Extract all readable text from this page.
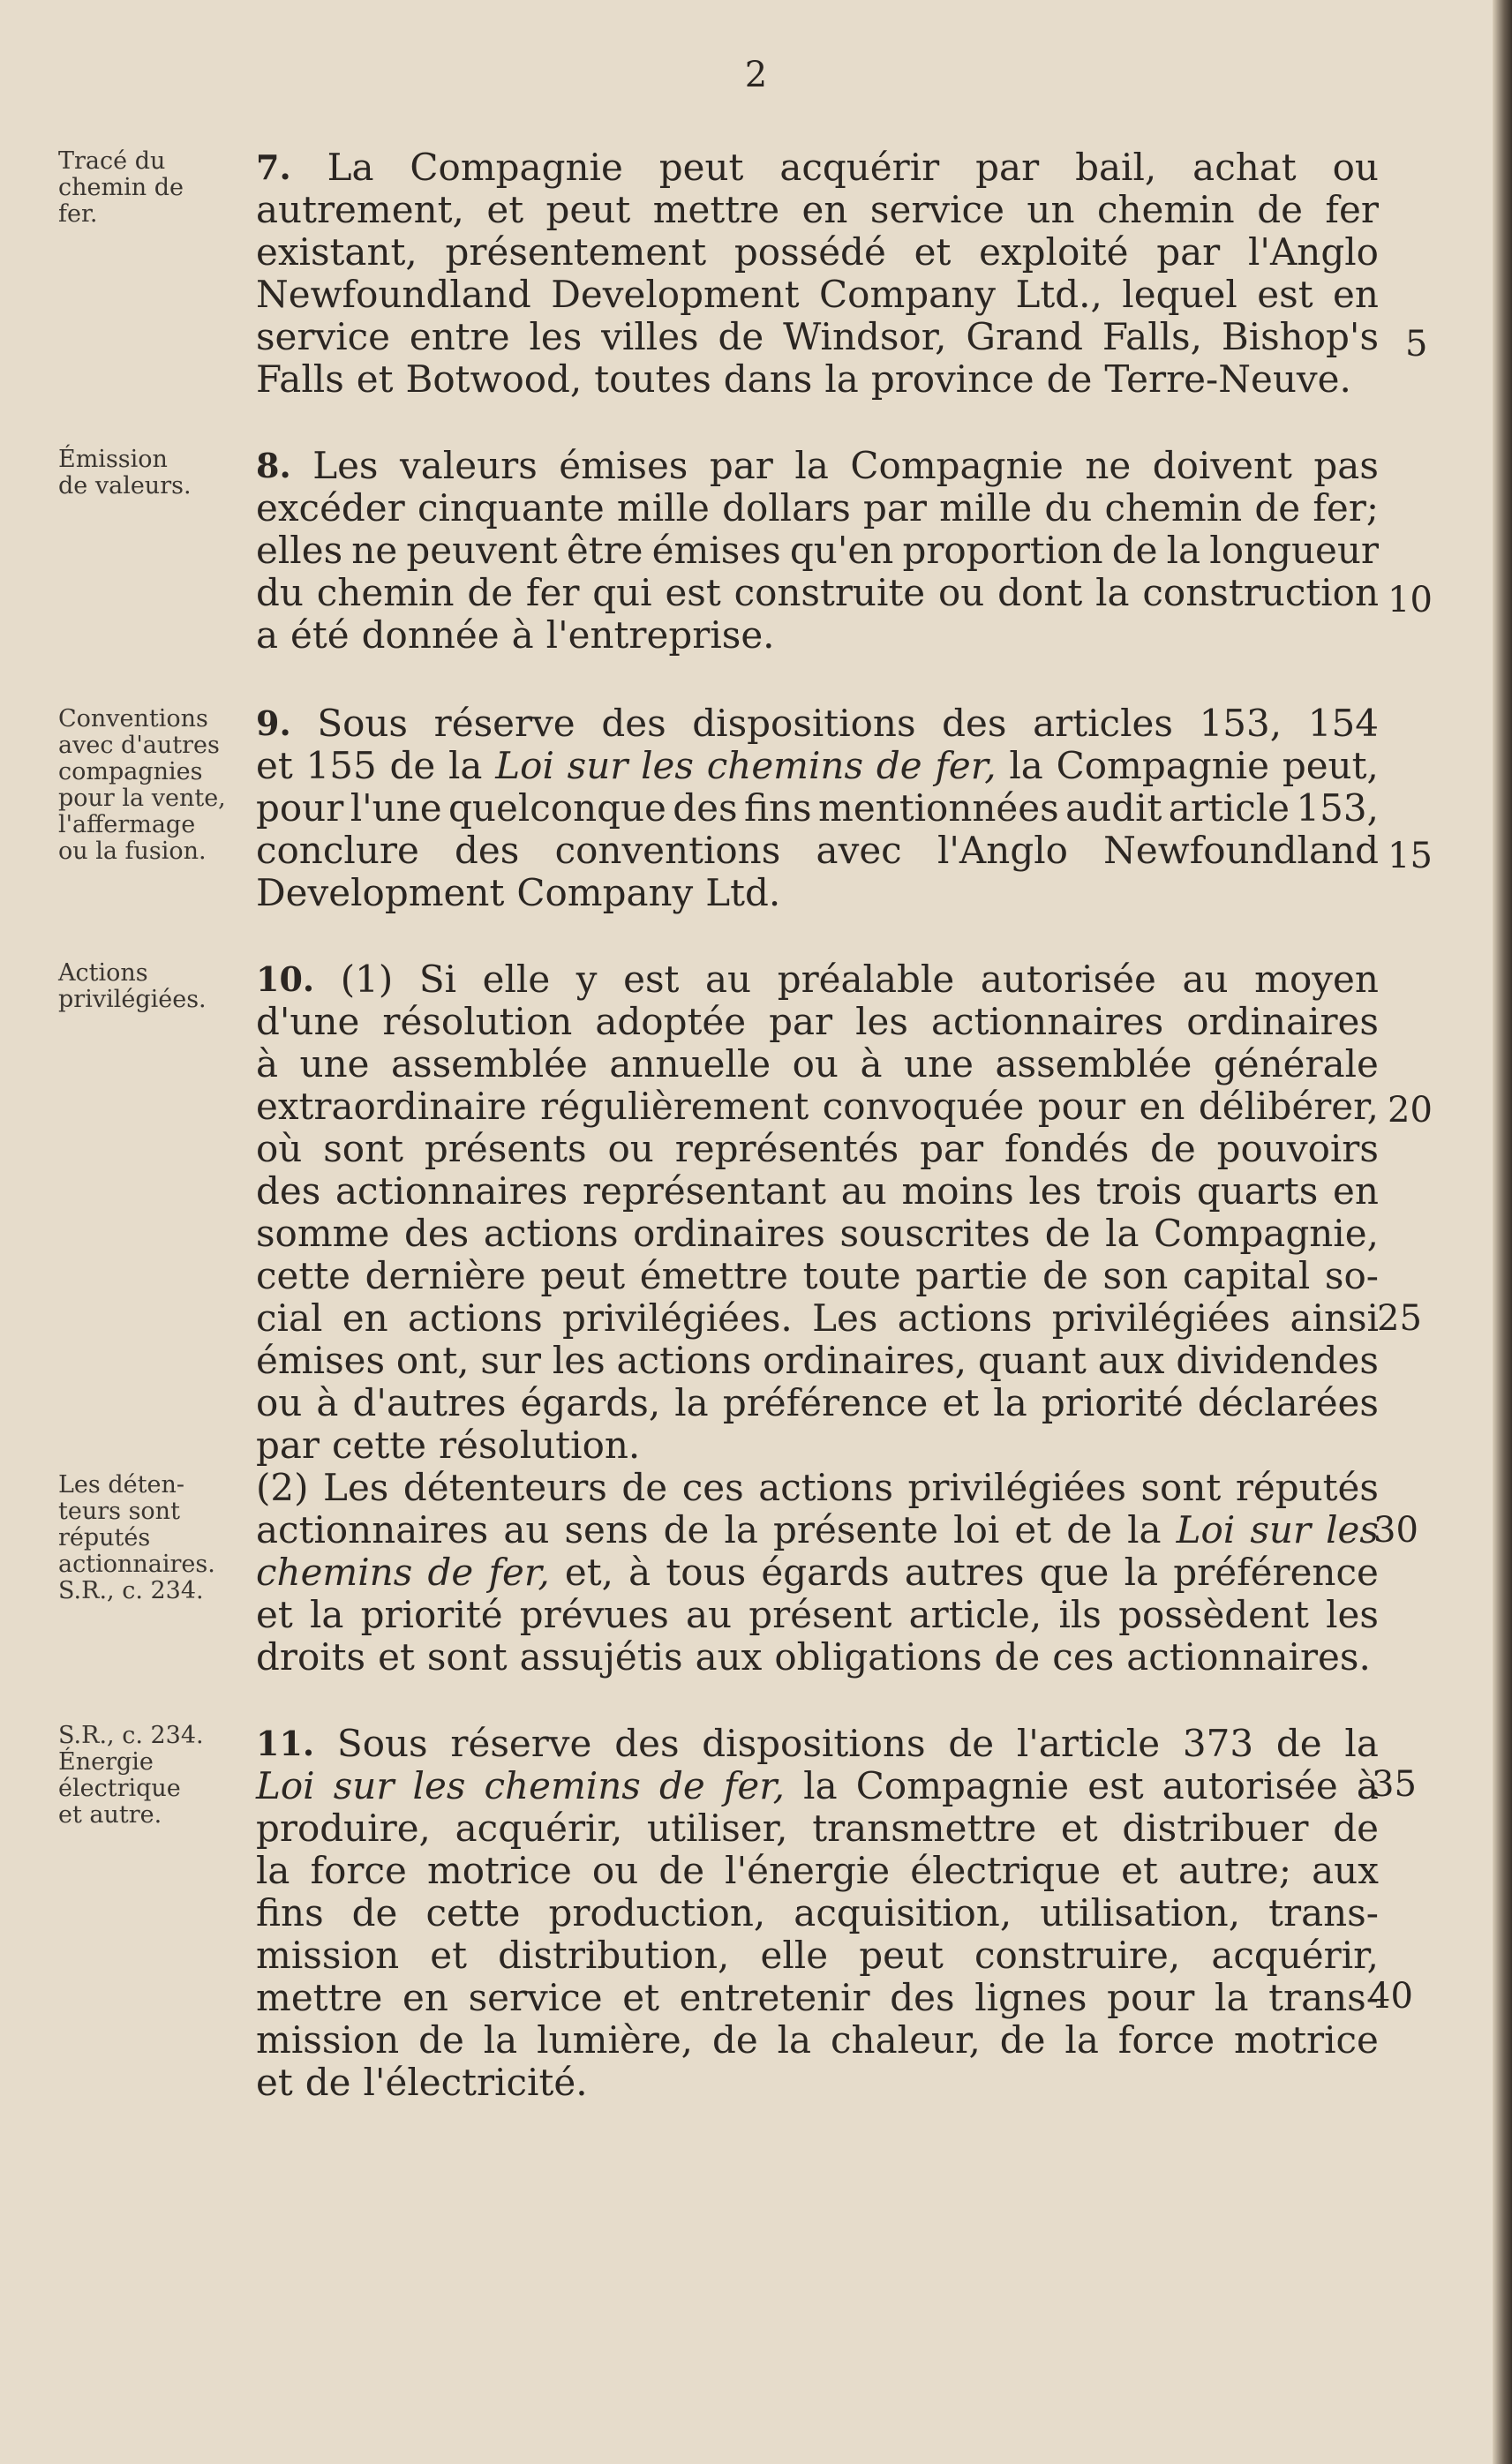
2
Tracé du
chemin de
fer.
Émission
de valeurs.
Conventions
avec d'autres
compagnies
pour la vente,
l'affermage
ou la fusion.
Actions
privilégiées.
Les déten-
teurs sont
réputés
actionnaires.
S.R., c. 234.
S.R., c. 234.
Énergie
électrique
et autre.
7. La Compagnie peut acquérir par bail, achat ou
autrement, et peut mettre en service un chemin de fer
existant, présentement possédé et exploité par l'Anglo
Newfoundland Development Company Ltd., lequel est en
service entre les villes de Windsor, Grand Falls, Bishop's
Falls et Botwood, toutes dans la province de Terre-Neuve.
8. Les valeurs émises par la Compagnie ne doivent pas
excéder cinquante mille dollars par mille du chemin de fer;
elles ne peuvent être émises qu'en proportion de la longueur
du chemin de fer qui est construite ou dont la construction
a été donnée à l'entreprise.
9. Sous réserve des dispositions des articles 153, 154
et 155 de la Loi sur les chemins de fer, la Compagnie peut,
pour l'une quelconque des fins mentionnées audit article 153,
conclure des conventions avec l'Anglo Newfoundland
Development Company Ltd.
10. (1) Si elle y est au préalable autorisée au moyen
d'une résolution adoptée par les actionnaires ordinaires
à une assemblée annuelle ou à une assemblée générale
extraordinaire régulièrement convoquée pour en délibérer,
où sont présents ou représentés par fondés de pouvoirs
des actionnaires représentant au moins les trois quarts en
somme des actions ordinaires souscrites de la Compagnie,
cette dernière peut émettre toute partie de son capital so-
cial en actions privilégiées. Les actions privilégiées ainsi
émises ont, sur les actions ordinaires, quant aux dividendes
ou à d'autres égards, la préférence et la priorité déclarées
par cette résolution.
(2) Les détenteurs de ces actions privilégiées sont réputés
actionnaires au sens de la présente loi et de la Loi sur les
chemins de fer, et, à tous égards autres que la préférence
et la priorité prévues au présent article, ils possèdent les
droits et sont assujétis aux obligations de ces actionnaires.
11. Sous réserve des dispositions de l'article 373 de la
Loi sur les chemins de fer, la Compagnie est autorisée à
produire, acquérir, utiliser, transmettre et distribuer de
la force motrice ou de l'énergie électrique et autre; aux
fins de cette production, acquisition, utilisation, trans-
mission et distribution, elle peut construire, acquérir,
mettre en service et entretenir des lignes pour la trans-
mission de la lumière, de la chaleur, de la force motrice
et de l'électricité.
5
10
15
20
25
30
35
40
